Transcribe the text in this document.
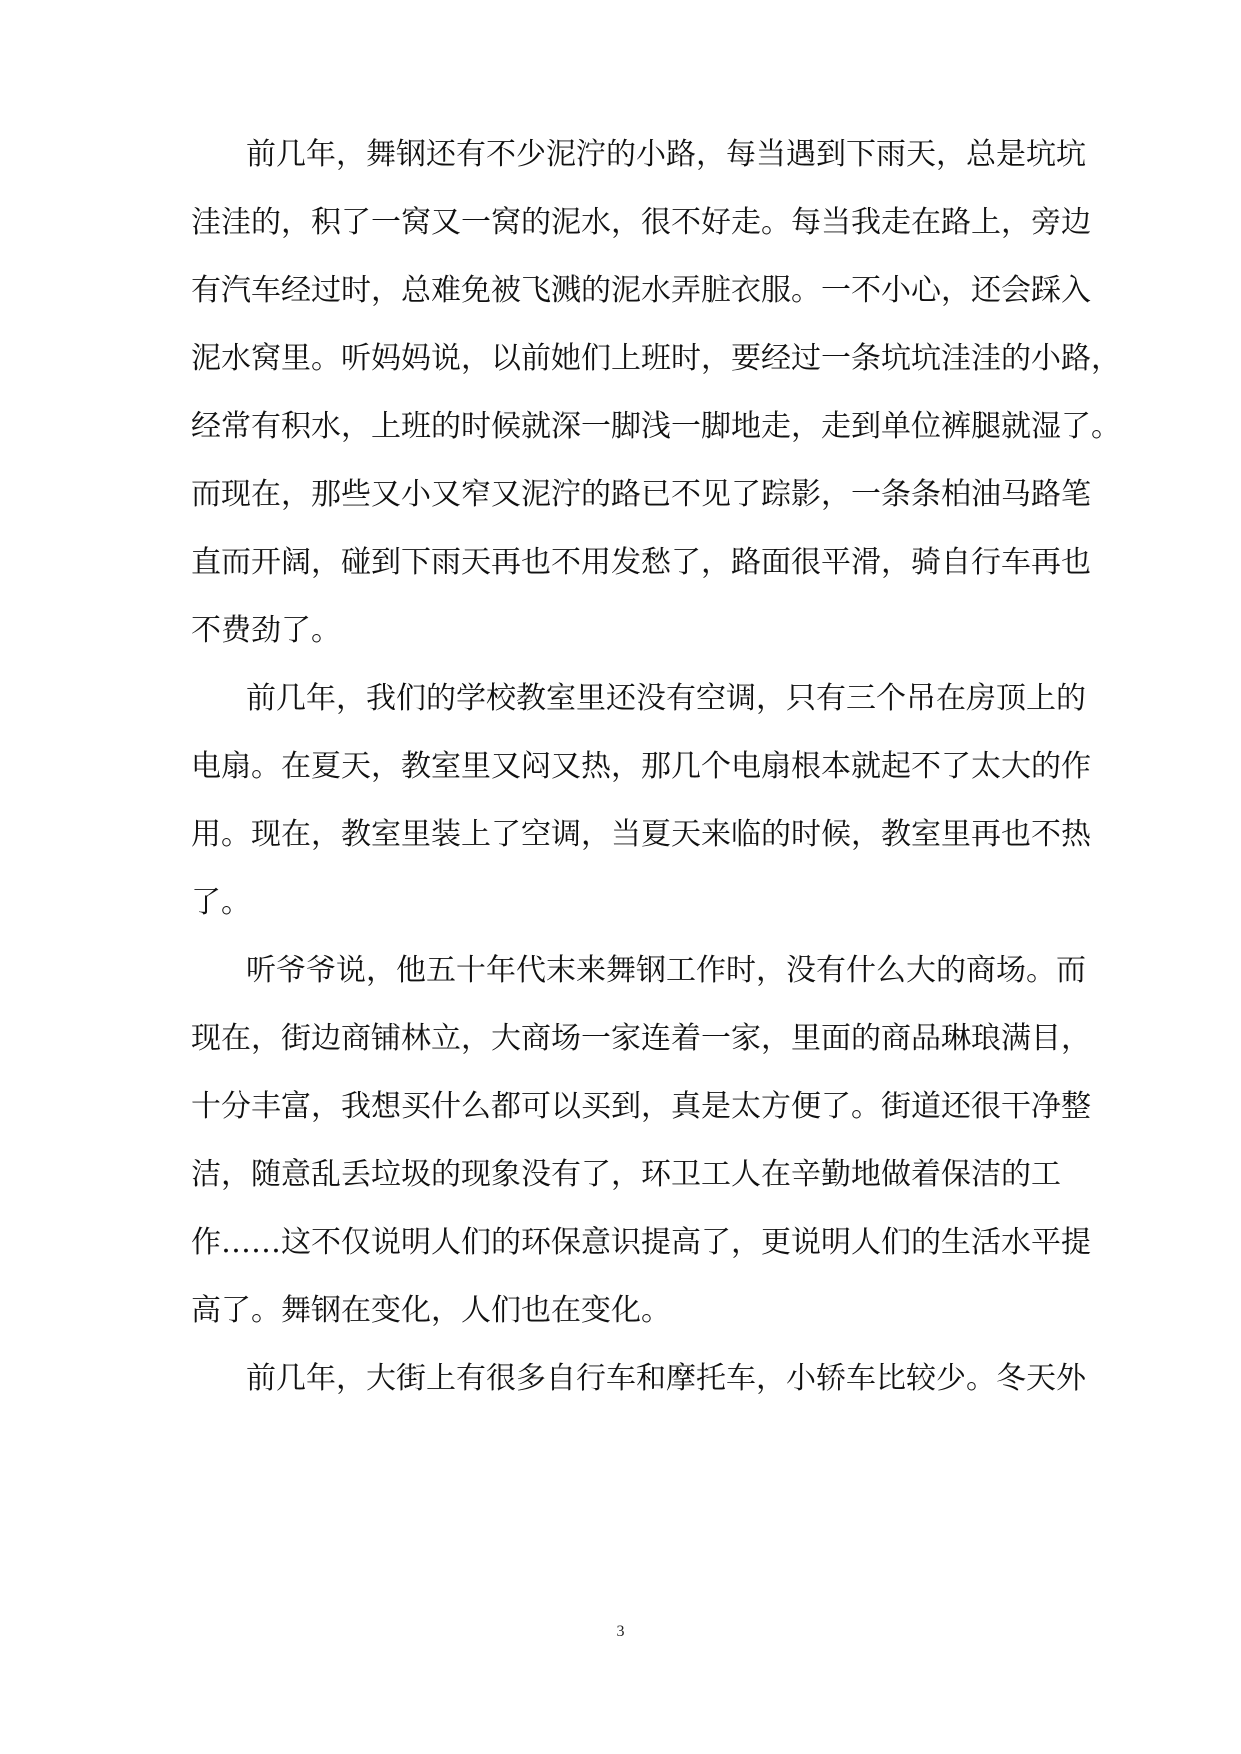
前几年，舞钢还有不少泥泞的小路，每当遇到下雨天，总是坑坑
洼洼的，积了一窝又一窝的泥水，很不好走。每当我走在路上，旁边
有汽车经过时，总难免被飞溅的泥水弄脏衣服。一不小心，还会踩入
泥水窝里。听妈妈说，以前她们上班时，要经过一条坑坑洼洼的小路，
经常有积水，上班的时候就深一脚浅一脚地走，走到单位裤腿就湿了。
而现在，那些又小又窄又泥泞的路已不见了踪影，一条条柏油马路笔
直而开阔，碰到下雨天再也不用发愁了，路面很平滑，骑自行车再也
不费劲了。
前几年，我们的学校教室里还没有空调，只有三个吊在房顶上的
电扇。在夏天，教室里又闷又热，那几个电扇根本就起不了太大的作
用。现在，教室里装上了空调，当夏天来临的时候，教室里再也不热
了。
听爷爷说，他五十年代末来舞钢工作时，没有什么大的商场。而
现在，街边商铺林立，大商场一家连着一家，里面的商品琳琅满目，
十分丰富，我想买什么都可以买到，真是太方便了。街道还很干净整
洁，随意乱丢垃圾的现象没有了，环卫工人在辛勤地做着保洁的工
作……这不仅说明人们的环保意识提高了，更说明人们的生活水平提
高了。舞钢在变化，人们也在变化。
前几年，大街上有很多自行车和摩托车，小轿车比较少。冬天外
3
